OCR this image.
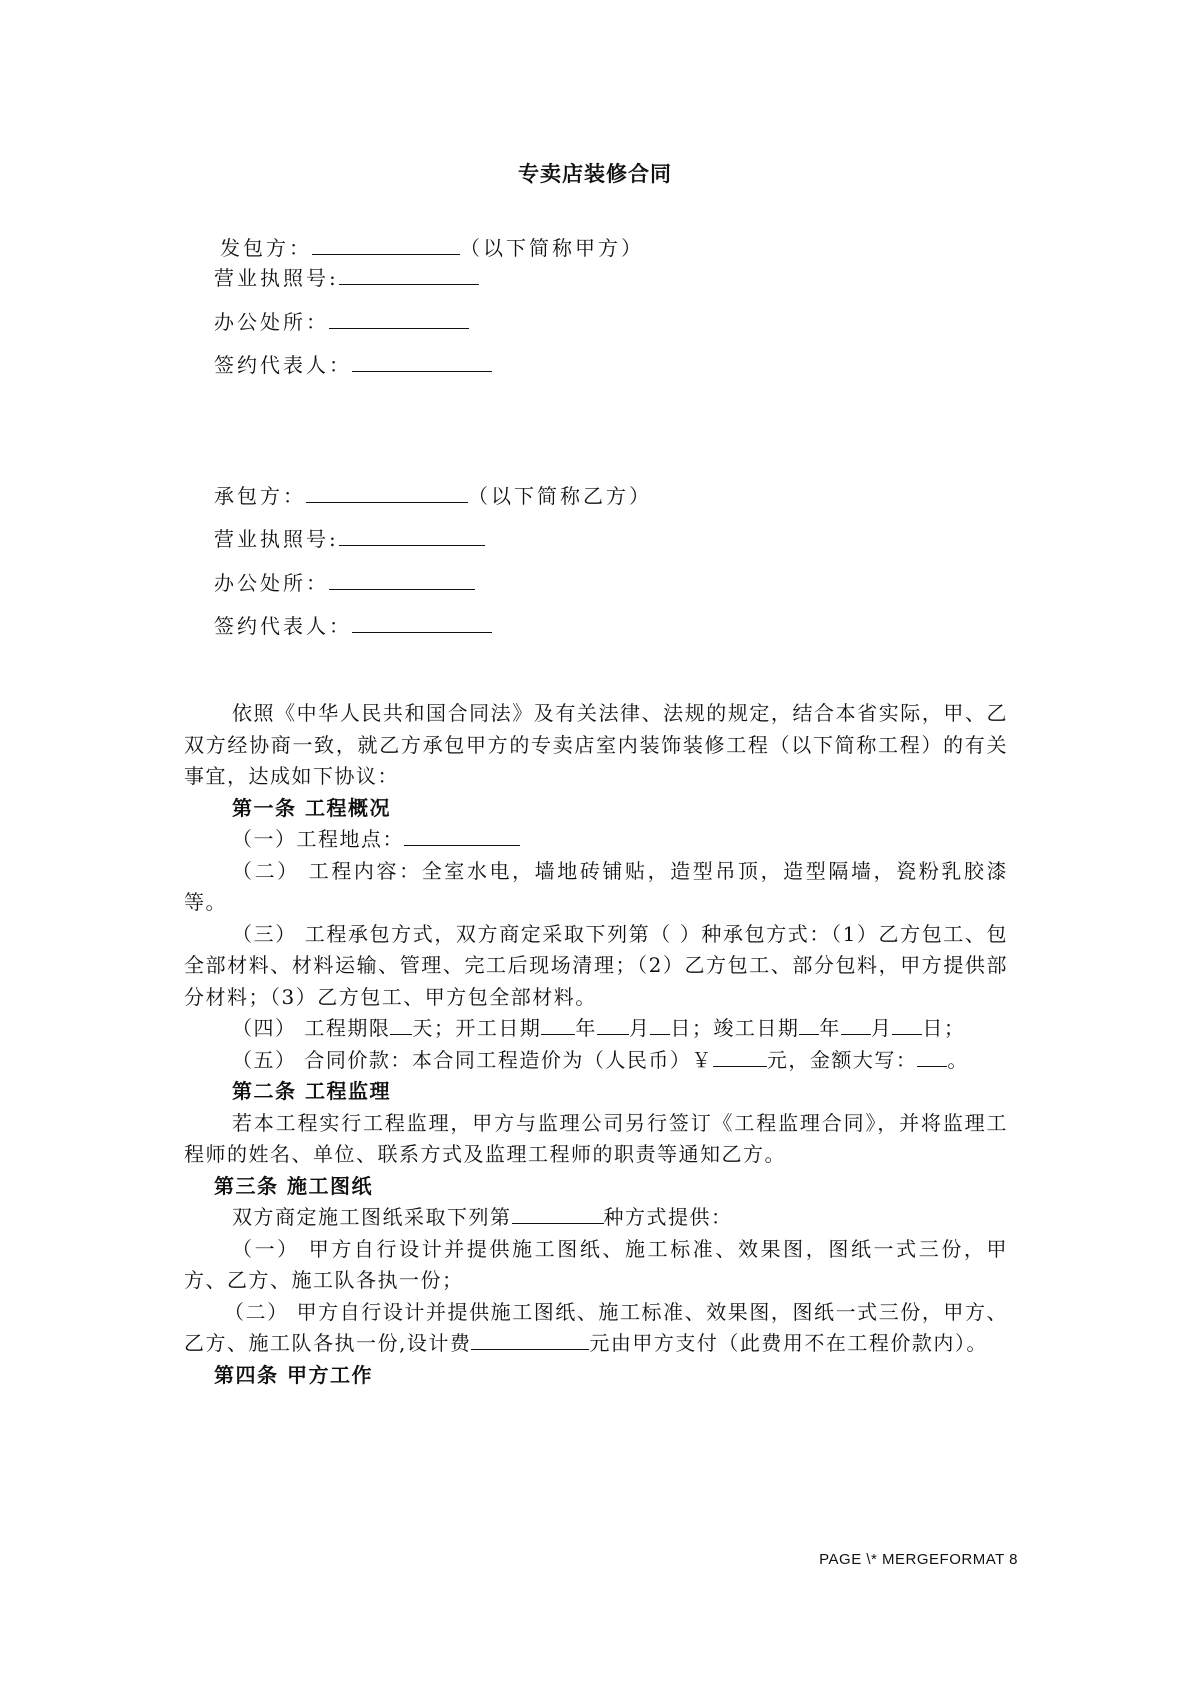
专卖店装修合同
发包方：	（以下简称甲方）
营业执照号:
办公处所：
签约代表人：
承包方：	（以下简称乙方）
营业执照号:
办公处所：
签约代表人：

依照《中华人民共和国合同法》及有关法律、法规的规定，结合本省实际，甲、乙双方经协商一致，就乙方承包甲方的专卖店室内装饰装修工程（以下简称工程）的有关事宜，达成如下协议：

第一条 工程概况

（一）工程地点：

（二） 工程内容：全室水电，墙地砖铺贴，造型吊顶，造型隔墙，瓷粉乳胶漆等。

（三） 工程承包方式，双方商定采取下列第（ ）种承包方式：（1）乙方包工、包全部材料、材料运输、管理、完工后现场清理；（2）乙方包工、部分包料，甲方提供部分材料；（3）乙方包工、甲方包全部材料。

（四） 工程期限 天；开工日期 年 月 日；竣工日期 年 月 日；

（五） 合同价款：本合同工程造价为（人民币）￥	元，金额大写： 。

第二条 工程监理

若本工程实行工程监理，甲方与监理公司另行签订《工程监理合同》，并将监理工程师的姓名、单位、联系方式及监理工程师的职责等通知乙方。

第三条 施工图纸

双方商定施工图纸采取下列第	种方式提供：

（一） 甲方自行设计并提供施工图纸、施工标准、效果图，图纸一式三份，甲方、乙方、施工队各执一份；

（二） 甲方自行设计并提供施工图纸、施工标准、效果图，图纸一式三份，甲方、乙方、施工队各执一份,设计费	元由甲方支付（此费用不在工程价款内）。

第四条 甲方工作

PAGE \* MERGEFORMAT 8
